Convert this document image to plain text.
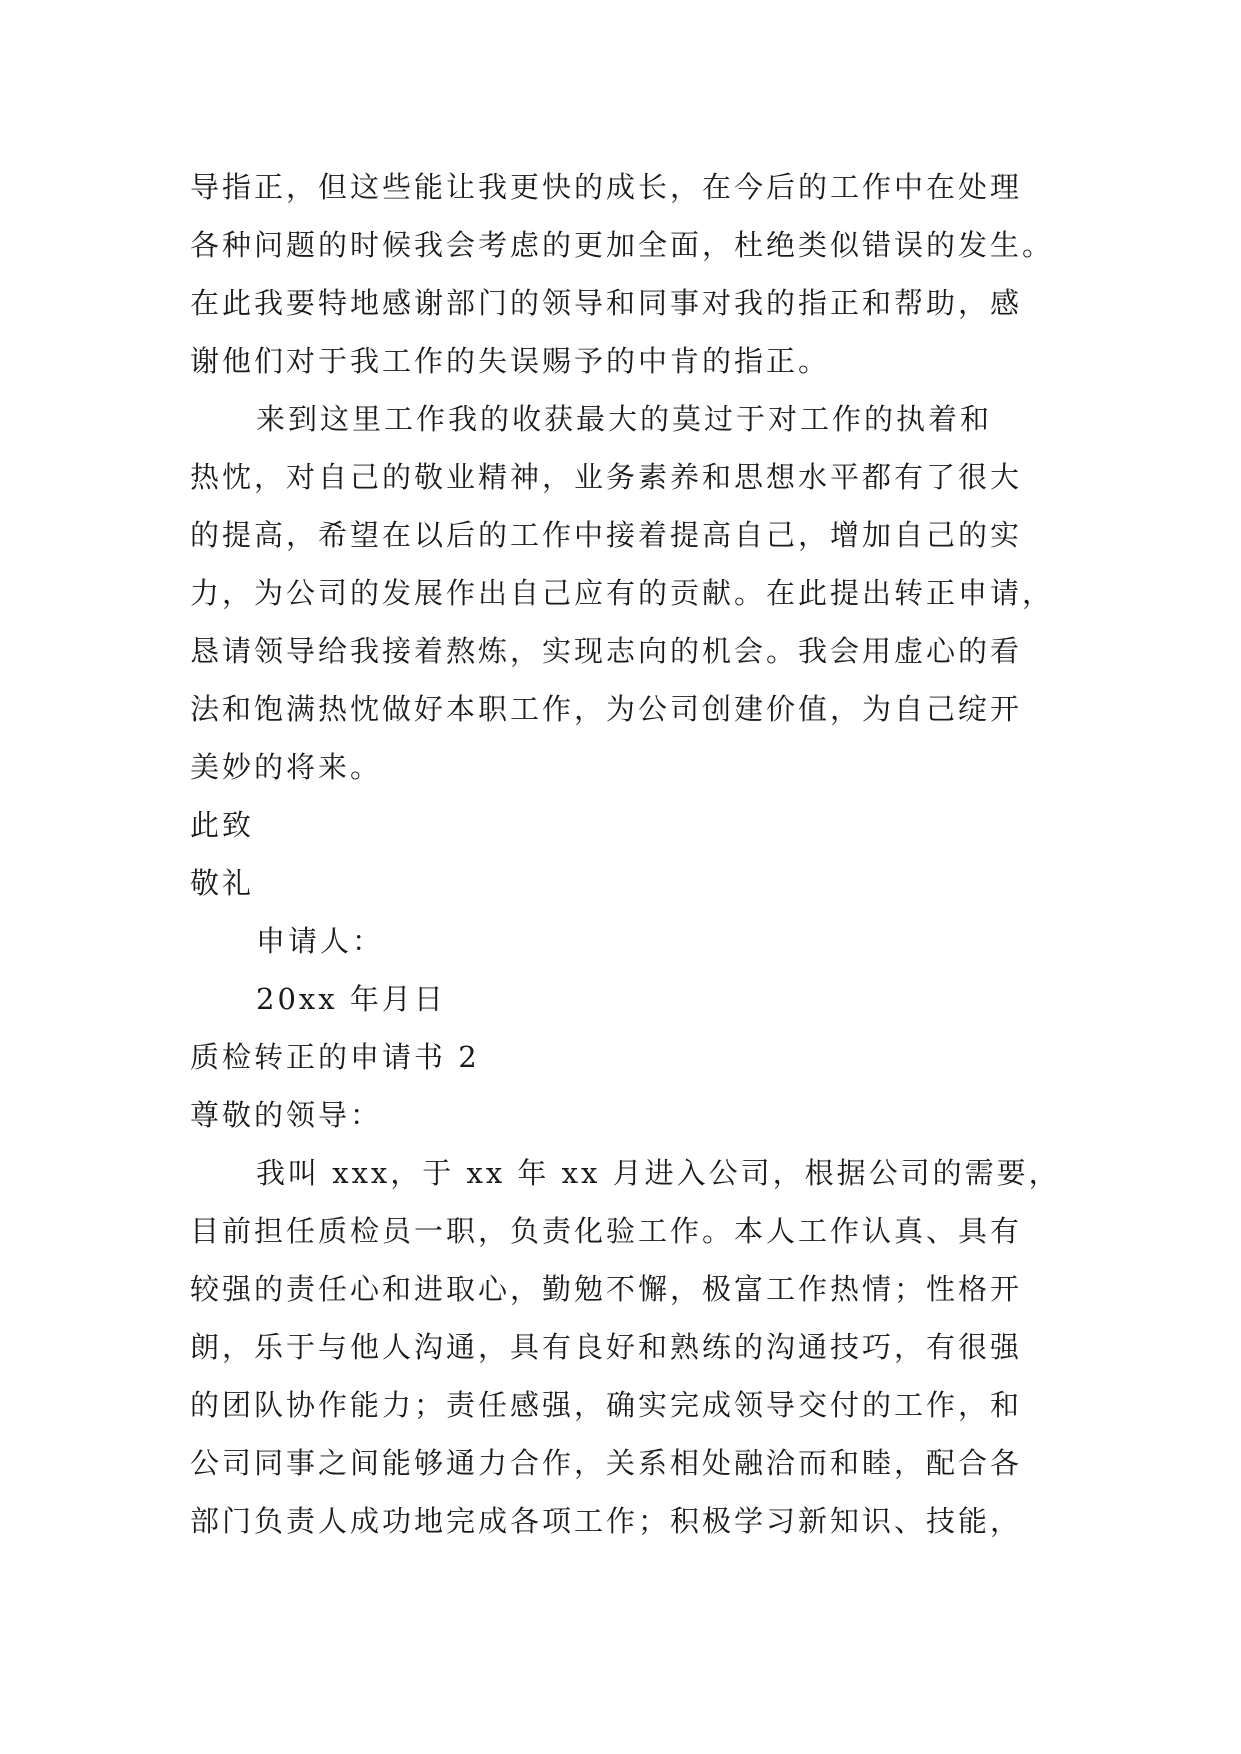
导指正，但这些能让我更快的成长，在今后的工作中在处理
各种问题的时候我会考虑的更加全面，杜绝类似错误的发生。
在此我要特地感谢部门的领导和同事对我的指正和帮助，感
谢他们对于我工作的失误赐予的中肯的指正。
来到这里工作我的收获最大的莫过于对工作的执着和
热忱，对自己的敬业精神，业务素养和思想水平都有了很大
的提高，希望在以后的工作中接着提高自己，增加自己的实
力，为公司的发展作出自己应有的贡献。在此提出转正申请，
恳请领导给我接着熬炼，实现志向的机会。我会用虚心的看
法和饱满热忱做好本职工作，为公司创建价值，为自己绽开
美妙的将来。
此致
敬礼
申请人：
20xx 年月日
质检转正的申请书 2
尊敬的领导：
我叫 xxx，于 xx 年 xx 月进入公司，根据公司的需要，
目前担任质检员一职，负责化验工作。本人工作认真、具有
较强的责任心和进取心，勤勉不懈，极富工作热情；性格开
朗，乐于与他人沟通，具有良好和熟练的沟通技巧，有很强
的团队协作能力；责任感强，确实完成领导交付的工作，和
公司同事之间能够通力合作，关系相处融洽而和睦，配合各
部门负责人成功地完成各项工作；积极学习新知识、技能，
